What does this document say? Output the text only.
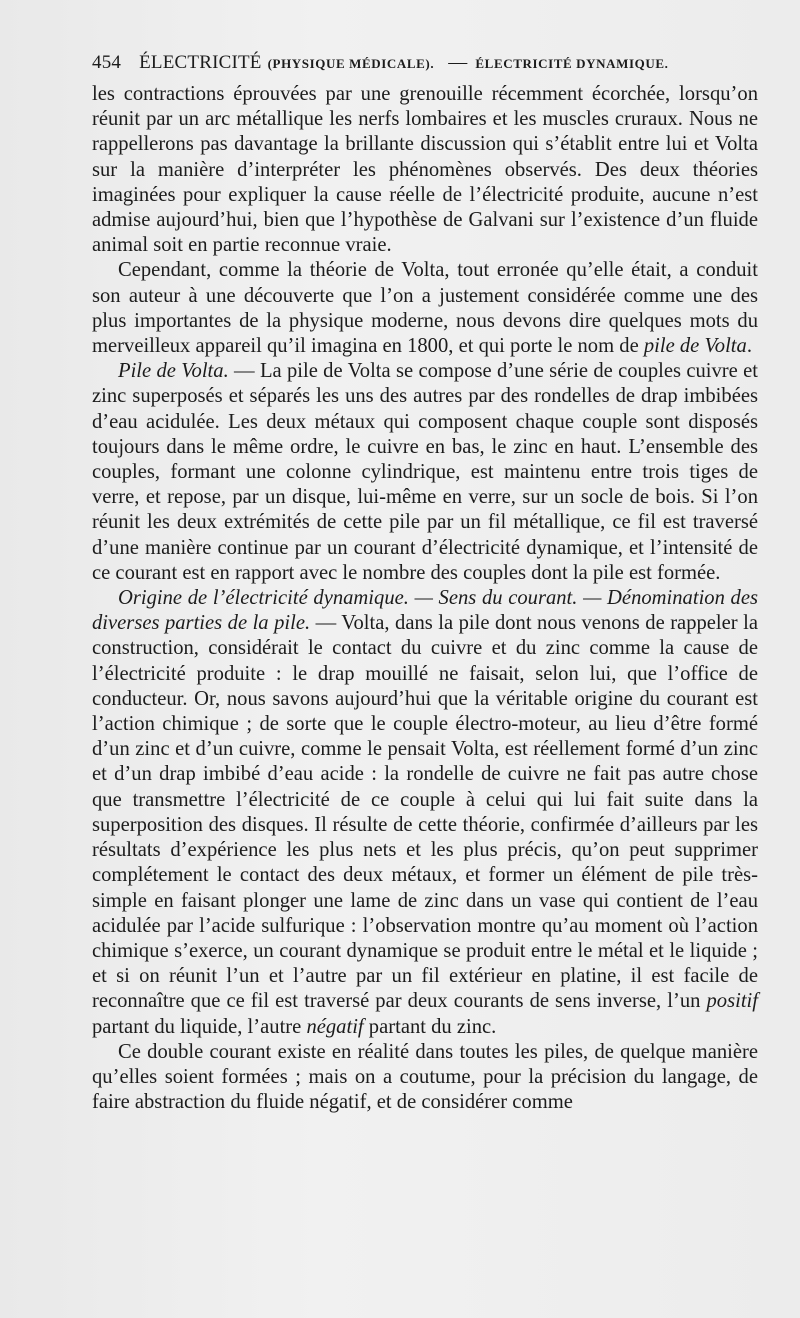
454 ÉLECTRICITÉ (PHYSIQUE MÉDICALE). — ÉLECTRICITÉ DYNAMIQUE.

les contractions éprouvées par une grenouille récemment écorchée, lorsqu’on réunit par un arc métallique les nerfs lombaires et les muscles cruraux. Nous ne rappellerons pas davantage la brillante discussion qui s’établit entre lui et Volta sur la manière d’interpréter les phénomènes observés. Des deux théories imaginées pour expliquer la cause réelle de l’électricité produite, aucune n’est admise aujourd’hui, bien que l’hypothèse de Galvani sur l’existence d’un fluide animal soit en partie reconnue vraie.

Cependant, comme la théorie de Volta, tout erronée qu’elle était, a conduit son auteur à une découverte que l’on a justement considérée comme une des plus importantes de la physique moderne, nous devons dire quelques mots du merveilleux appareil qu’il imagina en 1800, et qui porte le nom de pile de Volta.

Pile de Volta. — La pile de Volta se compose d’une série de couples cuivre et zinc superposés et séparés les uns des autres par des rondelles de drap imbibées d’eau acidulée. Les deux métaux qui composent chaque couple sont disposés toujours dans le même ordre, le cuivre en bas, le zinc en haut. L’ensemble des couples, formant une colonne cylindrique, est maintenu entre trois tiges de verre, et repose, par un disque, lui-même en verre, sur un socle de bois. Si l’on réunit les deux extrémités de cette pile par un fil métallique, ce fil est traversé d’une manière continue par un courant d’électricité dynamique, et l’intensité de ce courant est en rapport avec le nombre des couples dont la pile est formée.

Origine de l’électricité dynamique. — Sens du courant. — Dénomination des diverses parties de la pile. — Volta, dans la pile dont nous venons de rappeler la construction, considérait le contact du cuivre et du zinc comme la cause de l’électricité produite : le drap mouillé ne faisait, selon lui, que l’office de conducteur. Or, nous savons aujourd’hui que la véritable origine du courant est l’action chimique ; de sorte que le couple électro-moteur, au lieu d’être formé d’un zinc et d’un cuivre, comme le pensait Volta, est réellement formé d’un zinc et d’un drap imbibé d’eau acide : la rondelle de cuivre ne fait pas autre chose que transmettre l’électricité de ce couple à celui qui lui fait suite dans la superposition des disques. Il résulte de cette théorie, confirmée d’ailleurs par les résultats d’expérience les plus nets et les plus précis, qu’on peut supprimer complétement le contact des deux métaux, et former un élément de pile très-simple en faisant plonger une lame de zinc dans un vase qui contient de l’eau acidulée par l’acide sulfurique : l’observation montre qu’au moment où l’action chimique s’exerce, un courant dynamique se produit entre le métal et le liquide ; et si on réunit l’un et l’autre par un fil extérieur en platine, il est facile de reconnaître que ce fil est traversé par deux courants de sens inverse, l’un positif partant du liquide, l’autre négatif partant du zinc.

Ce double courant existe en réalité dans toutes les piles, de quelque manière qu’elles soient formées ; mais on a coutume, pour la précision du langage, de faire abstraction du fluide négatif, et de considérer comme
